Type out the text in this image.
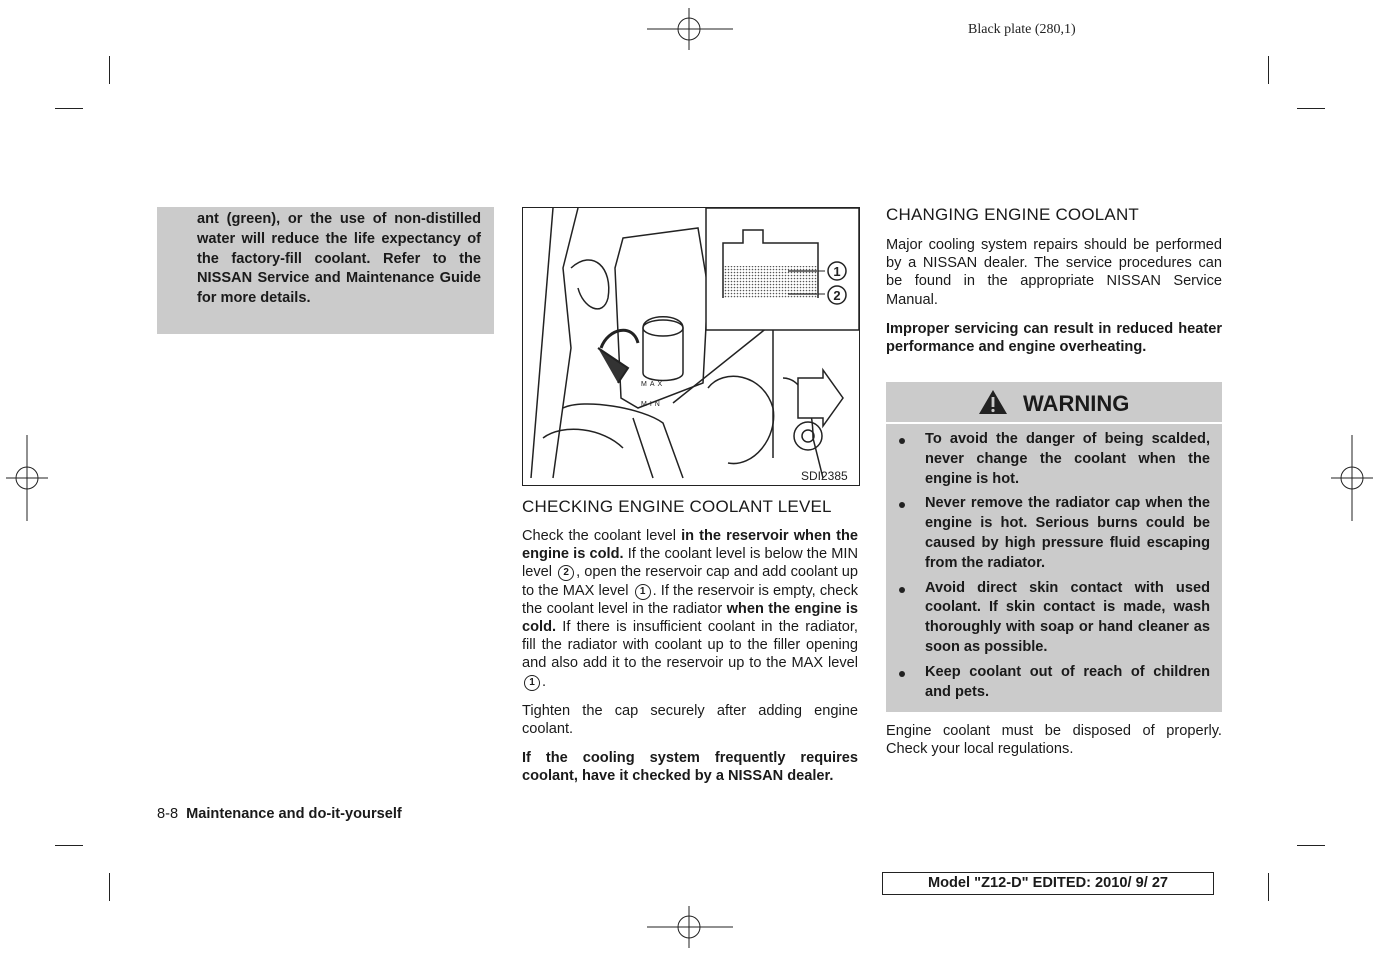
Black plate (280,1)

ant (green), or the use of non-distilled water will reduce the life expectancy of the factory-fill coolant. Refer to the NISSAN Service and Maintenance Guide for more details.

MAX
MIN
1
2
SDI2385
CHECKING ENGINE COOLANT LEVEL

Check the coolant level in the reservoir when the engine is cold. If the coolant level is below the MIN level 2 , open the reservoir cap and add coolant up to the MAX level 1 . If the reservoir is empty, check the coolant level in the radiator when the engine is cold. If there is insufficient coolant in the radiator, fill the radiator with coolant up to the filler opening and also add it to the reservoir up to the MAX level 1 .

Tighten the cap securely after adding engine coolant.

If the cooling system frequently requires coolant, have it checked by a NISSAN dealer.

CHANGING ENGINE COOLANT

Major cooling system repairs should be performed by a NISSAN dealer. The service procedures can be found in the appropriate NISSAN Service Manual.

Improper servicing can result in reduced heater performance and engine overheating.

WARNING
To avoid the danger of being scalded, never change the coolant when the engine is hot.
Never remove the radiator cap when the engine is hot. Serious burns could be caused by high pressure fluid escaping from the radiator.
Avoid direct skin contact with used coolant. If skin contact is made, wash thoroughly with soap or hand cleaner as soon as possible.
Keep coolant out of reach of children and pets.

Engine coolant must be disposed of properly. Check your local regulations.

8-8 Maintenance and do-it-yourself
Model "Z12-D" EDITED: 2010/ 9/ 27
